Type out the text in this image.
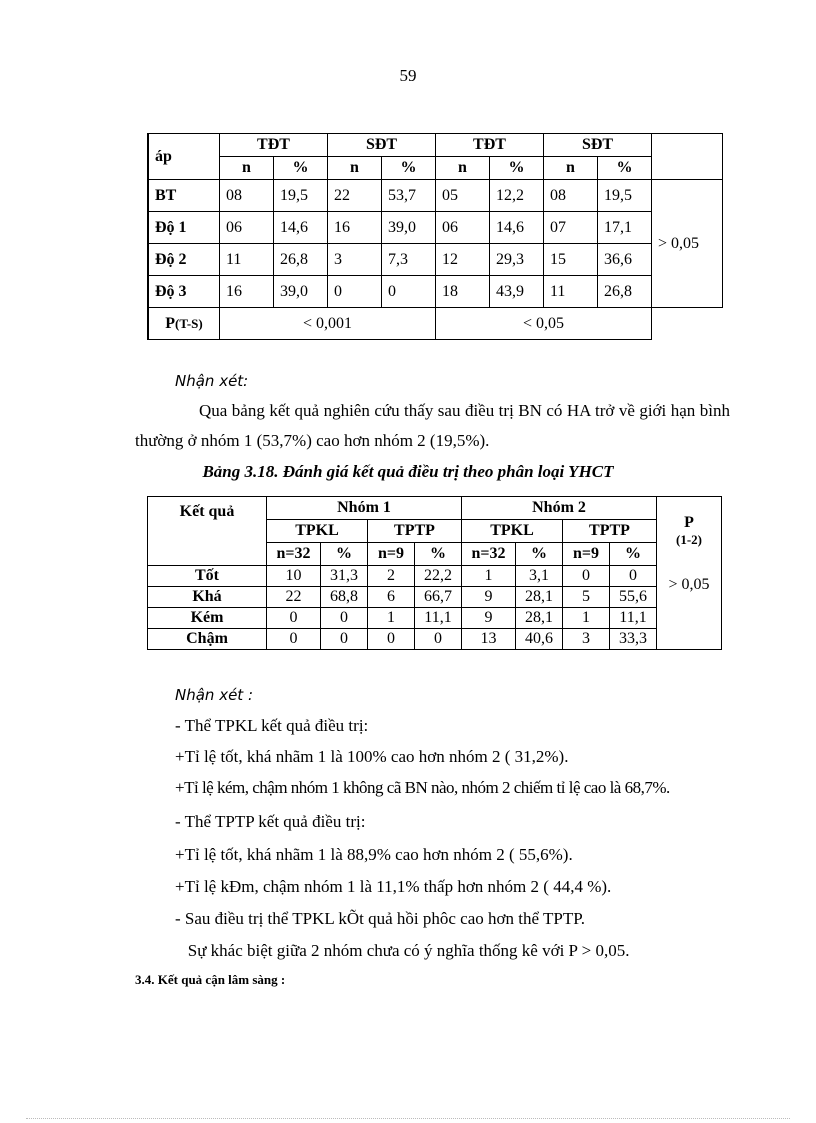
59
áp	TĐT		SĐT		TĐT		SĐT		
	n	%	n	%	n	%	n	%	
BT	08	19,5	22	53,7	05	12,2	08	19,5	> 0,05
Độ 1	06	14,6	16	39,0	06	14,6	07	17,1	
Độ 2	11	26,8	3	7,3	12	29,3	15	36,6	
Độ 3	16	39,0	0	0	18	43,9	11	26,8	
P(T-S)	< 0,001				< 0,05				
Nhận xét:
Qua bảng kết quả nghiên cứu thấy sau điều trị BN có HA trở về giới hạn bình thường ở nhóm 1 (53,7%) cao hơn nhóm 2 (19,5%).
Bảng 3.18. Đánh giá kết quả điều trị theo phân loại YHCT
Kết quả	Nhóm 1				Nhóm 2				P
(1-2)

	TPKL		TPTP		TPKL		TPTP		
	n=32	%	n=9	%	n=32	%	n=9	%	
Tốt	10	31,3	2	22,2	1	3,1	0	0	> 0,05
Khá	22	68,8	6	66,7	9	28,1	5	55,6	
Kém	0	0	1	11,1	9	28,1	1	11,1	
Chậm	0	0	0	0	13	40,6	3	33,3	
Nhận xét :
- Thể TPKL kết quả điều trị:
+Tỉ lệ tốt, khá nhãm 1 là 100% cao hơn nhóm 2 ( 31,2%).
+Tỉ lệ kém, chậm nhóm 1 không cã BN nào, nhóm 2 chiếm tỉ lệ cao là 68,7%.
- Thể TPTP kết quả điều trị:
+Tỉ lệ tốt, khá nhãm 1 là 88,9% cao hơn nhóm 2 ( 55,6%).
+Tỉ lệ kÐm, chậm nhóm 1 là 11,1% thấp hơn nhóm 2 ( 44,4 %).
- Sau điều trị thể TPKL kÕt quả hồi phôc cao hơn thể TPTP.
Sự khác biệt giữa 2 nhóm chưa có ý nghĩa thống kê với P > 0,05.
3.4. Kết quả cận lâm sàng :
